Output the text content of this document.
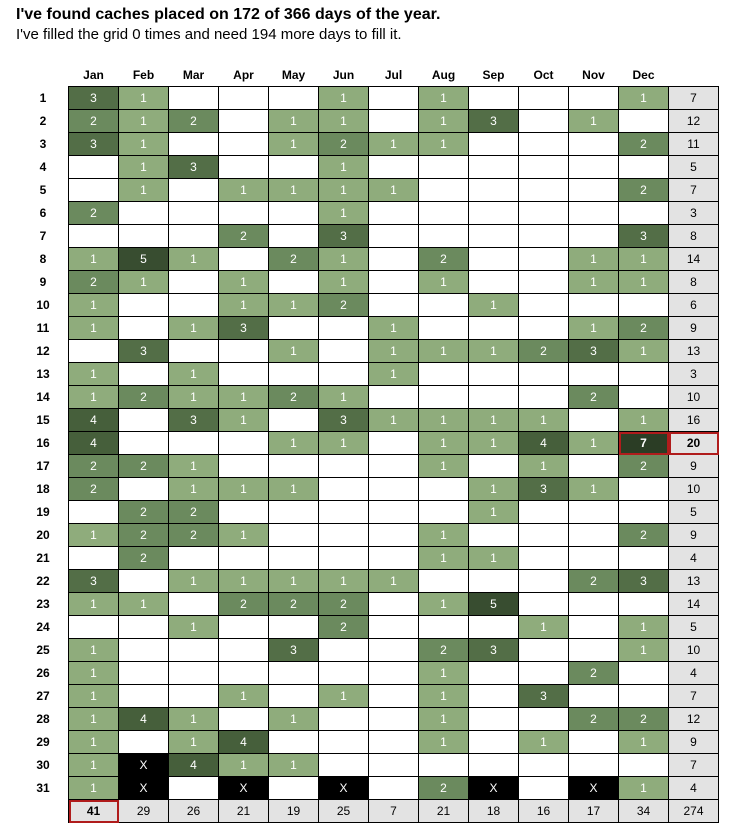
I've found caches placed on 172 of 366 days of the year.
I've filled the grid 0 times and need 194 more days to fill it.
	Jan	Feb	Mar	Apr	May	Jun	Jul	Aug	Sep	Oct	Nov	Dec	
1	3	1				1		1				1	7
2	2	1	2		1	1		1	3		1		12
3	3	1			1	2	1	1				2	11
4		1	3			1							5
5		1		1	1	1	1					2	7
6	2					1							3
7				2		3						3	8
8	1	5	1		2	1		2			1	1	14
9	2	1		1		1		1			1	1	8
10	1			1	1	2			1				6
11	1		1	3			1				1	2	9
12		3			1		1	1	1	2	3	1	13
13	1		1				1						3
14	1	2	1	1	2	1					2		10
15	4		3	1		3	1	1	1	1		1	16
16	4				1	1		1	1	4	1	7	20
17	2	2	1					1		1		2	9
18	2		1	1	1				1	3	1		10
19		2	2						1				5
20	1	2	2	1				1				2	9
21		2						1	1				4
22	3		1	1	1	1	1				2	3	13
23	1	1		2	2	2		1	5				14
24			1			2				1		1	5
25	1				3			2	3			1	10
26	1							1			2		4
27	1			1		1		1		3			7
28	1	4	1		1			1			2	2	12
29	1		1	4				1		1		1	9
30	1	X	4	1	1								7
31	1	X		X		X		2	X		X	1	4
	41	29	26	21	19	25	7	21	18	16	17	34	274
